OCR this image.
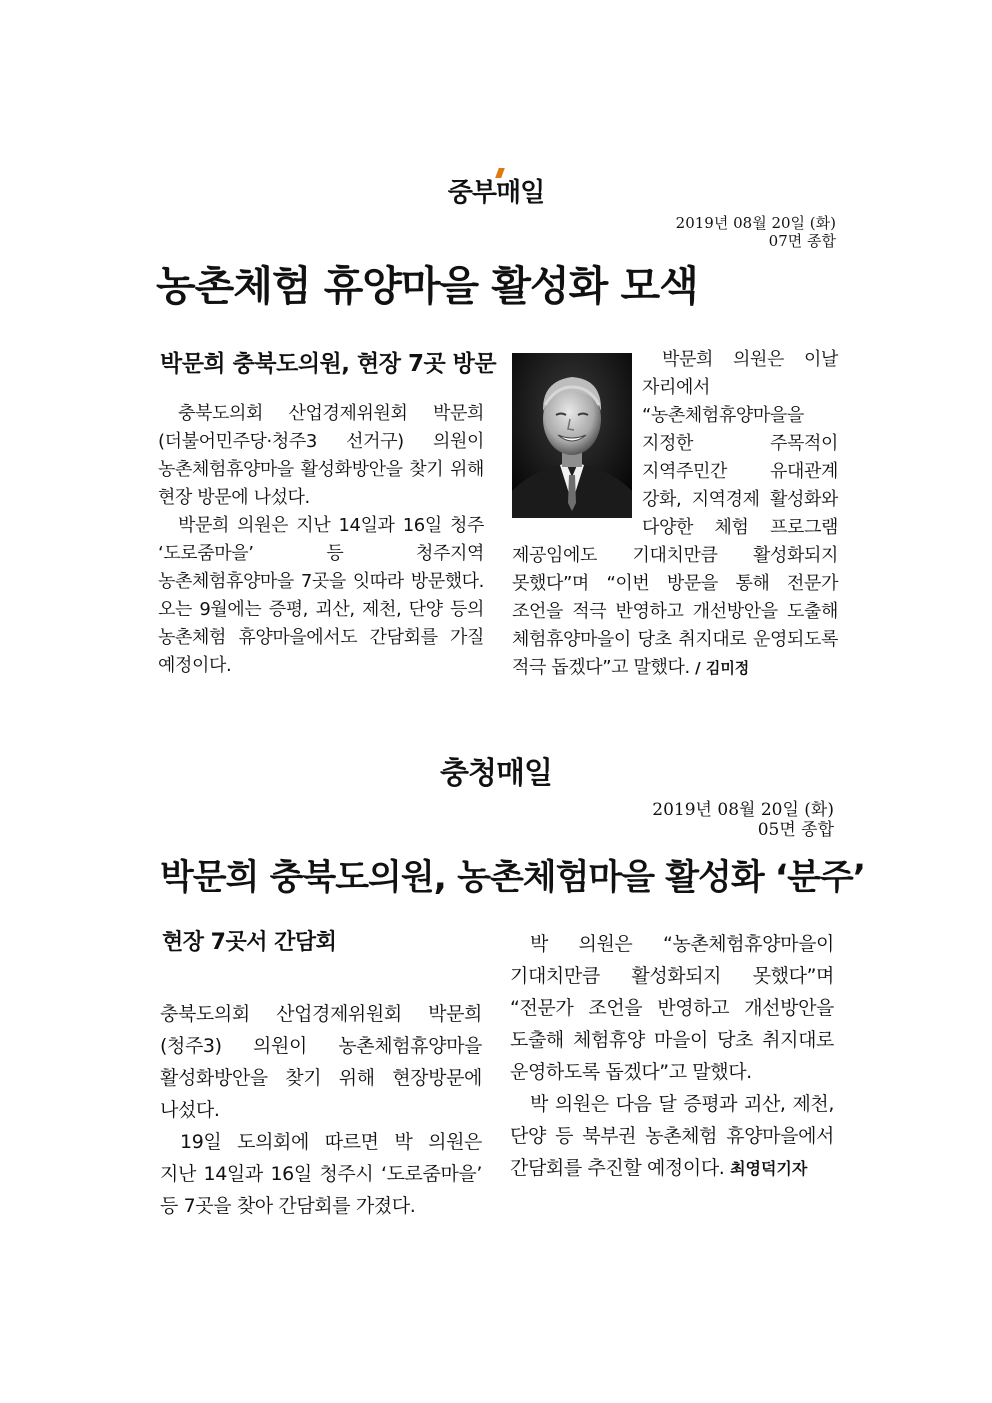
중부
매일
2019년 08월 20일 (화)
07면 종합
농촌체험 휴양마을 활성화 모색
박문희 충북도의원, 현장 7곳 방문

충북도의회 산업경제위원회 박문희(더불어민주당·청주3 선거구) 의원이 농촌체험휴양마을 활성화방안을 찾기 위해 현장 방문에 나섰다.

박문희 의원은 지난 14일과 16일 청주 ‘도로줌마을’ 등 청주지역 농촌체험휴양마을 7곳을 잇따라 방문했다. 오는 9월에는 증평, 괴산, 제천, 단양 등의 농촌체험 휴양마을에서도 간담회를 가질 예정이다.

박문희 의원은 이날 자리에서 “농촌체험휴양마을을 지정한 주목적이 지역주민간 유대관계 강화, 지역경제 활성화와 다양한 체험 프로그램 제공임에도 기대치만큼 활성화되지 못했다”며 “이번 방문을 통해 전문가 조언을 적극 반영하고 개선방안을 도출해 체험휴양마을이 당초 취지대로 운영되도록 적극 돕겠다”고 말했다. / 김미정

충청매일
2019년 08월 20일 (화)
05면 종합
박문희 충북도의원, 농촌체험마을 활성화 ‘분주’
현장 7곳서 간담회

충북도의회 산업경제위원회 박문희(청주3) 의원이 농촌체험휴양마을 활성화방안을 찾기 위해 현장방문에 나섰다.

19일 도의회에 따르면 박 의원은 지난 14일과 16일 청주시 ‘도로줌마을’ 등 7곳을 찾아 간담회를 가졌다.

박 의원은 “농촌체험휴양마을이 기대치만큼 활성화되지 못했다”며 “전문가 조언을 반영하고 개선방안을 도출해 체험휴양 마을이 당초 취지대로 운영하도록 돕겠다”고 말했다.

박 의원은 다음 달 증평과 괴산, 제천, 단양 등 북부권 농촌체험 휴양마을에서 간담회를 추진할 예정이다. 최영덕기자
